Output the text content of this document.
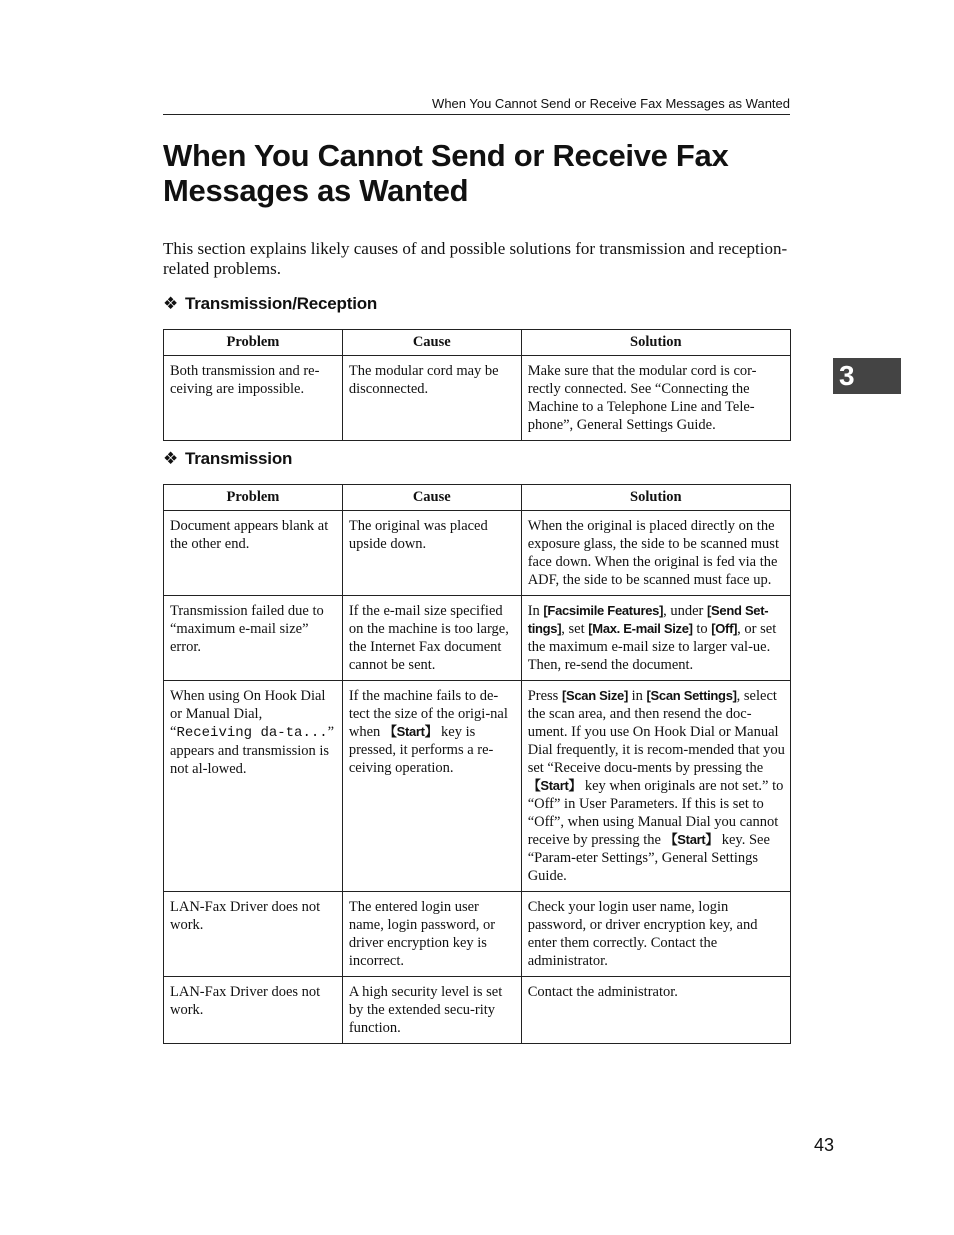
When You Cannot Send or Receive Fax Messages as Wanted
When You Cannot Send or Receive Fax Messages as Wanted

This section explains likely causes of and possible solutions for transmission and reception-related problems.

3
❖ Transmission/Reception
Problem	Cause	Solution
Both transmission and re-ceiving are impossible.	The modular cord may be disconnected.	Make sure that the modular cord is cor-rectly connected. See “Connecting the Machine to a Telephone Line and Tele-phone”, General Settings Guide.
❖ Transmission
Problem	Cause	Solution
Document appears blank at the other end.	The original was placed upside down.	When the original is placed directly on the exposure glass, the side to be scanned must face down. When the original is fed via the ADF, the side to be scanned must face up.
Transmission failed due to “maximum e-mail size” error.	If the e-mail size specified on the machine is too large, the Internet Fax document cannot be sent.	In [Facsimile Features], under [Send Set-tings], set [Max. E-mail Size] to [Off], or set the maximum e-mail size to larger val-ue. Then, re-send the document.
When using On Hook Dial or Manual Dial, “Receiving da-ta...” appears and transmission is not al-lowed.	If the machine fails to de-tect the size of the origi-nal when 【Start】 key is pressed, it performs a re-ceiving operation.	Press [Scan Size] in [Scan Settings], select the scan area, and then resend the doc-ument. If you use On Hook Dial or Manual Dial frequently, it is recom-mended that you set “Receive docu-ments by pressing the 【Start】 key when originals are not set.” to “Off” in User Parameters. If this is set to “Off”, when using Manual Dial you cannot receive by pressing the 【Start】 key. See “Param-eter Settings”, General Settings Guide.
LAN-Fax Driver does not work.	The entered login user name, login password, or driver encryption key is incorrect.	Check your login user name, login password, or driver encryption key, and enter them correctly. Contact the administrator.
LAN-Fax Driver does not work.	A high security level is set by the extended secu-rity function.	Contact the administrator.
43
